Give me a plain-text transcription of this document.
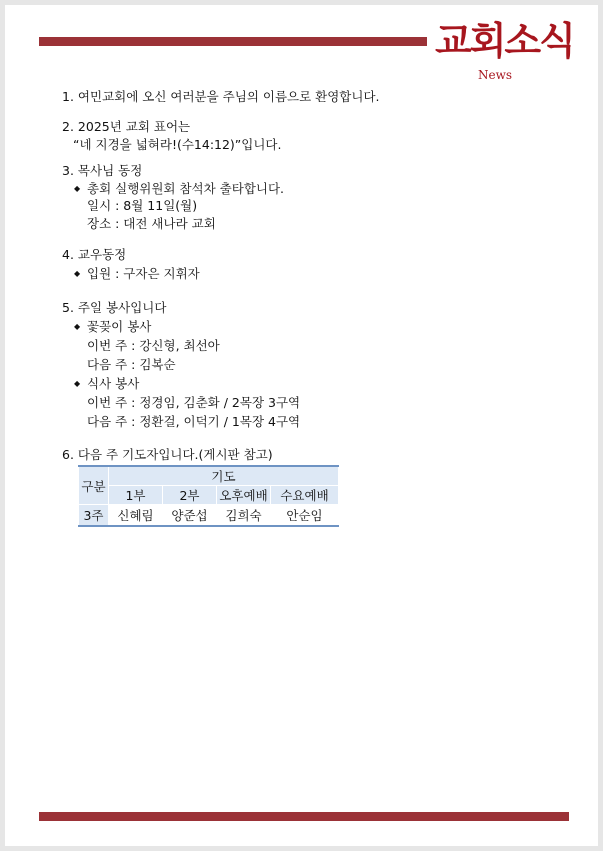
교회소식
News
1. 여민교회에 오신 여러분을 주님의 이름으로 환영합니다.
2. 2025년 교회 표어는
“네 지경을 넓혀라!(수14:12)”입니다.
3. 목사님 동정
◆ 총회 실행위원회 참석차 출타합니다.
일시 : 8월 11일(월)
장소 : 대전 새나라 교회
4. 교우동정
◆ 입원 : 구자은 지휘자
5. 주일 봉사입니다
◆ 꽃꽂이 봉사
이번 주 : 강신형, 최선아
다음 주 : 김복순
◆ 식사 봉사
이번 주 : 정경임, 김춘화 / 2목장 3구역
다음 주 : 정환걸, 이덕기 / 1목장 4구역
6. 다음 주 기도자입니다.(게시판 참고)
구분	기도			
	1부	2부	오후예배	수요예배
3주	신혜림	양준섭	김희숙	안순임
